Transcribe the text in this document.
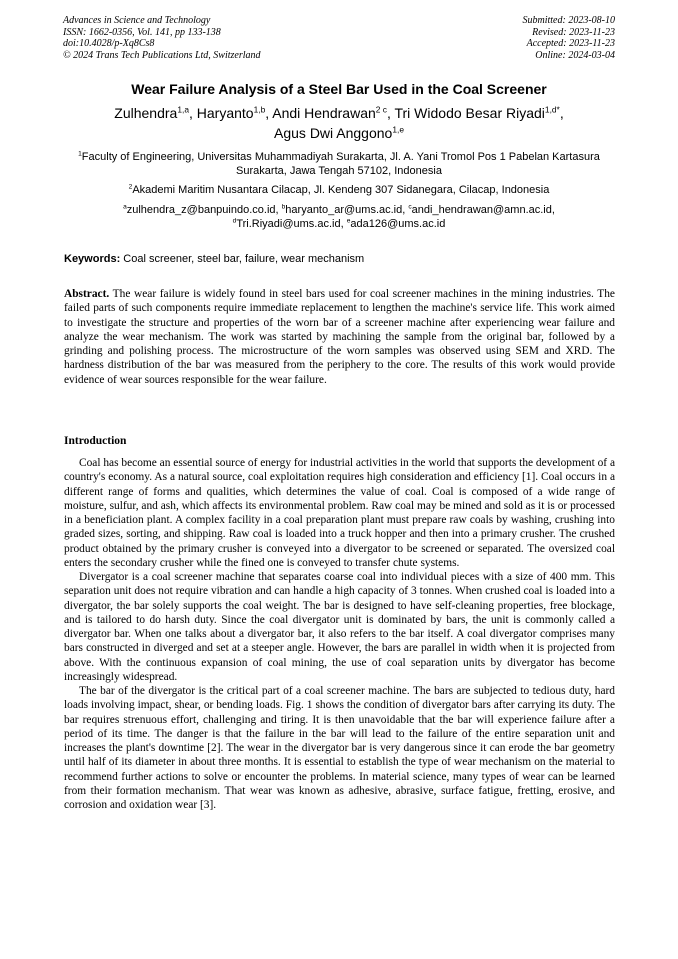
Advances in Science and Technology
ISSN: 1662-0356, Vol. 141, pp 133-138
doi:10.4028/p-Xq8Cs8
© 2024 Trans Tech Publications Ltd, Switzerland
Submitted: 2023-08-10
Revised: 2023-11-23
Accepted: 2023-11-23
Online: 2024-03-04
Wear Failure Analysis of a Steel Bar Used in the Coal Screener
Zulhendra$^{1,a}$, Haryanto$^{1,b}$, Andi Hendrawan$^{2 c}$, Tri Widodo Besar Riyadi$^{1,d*}$,
Agus Dwi Anggono$^{1,e}$
$^1$Faculty of Engineering, Universitas Muhammadiyah Surakarta, Jl. A. Yani Tromol Pos 1 Pabelan Kartasura Surakarta, Jawa Tengah 57102, Indonesia
$^2$Akademi Maritim Nusantara Cilacap, Jl. Kendeng 307 Sidanegara, Cilacap, Indonesia
$^a$zulhendra_z@banpuindo.co.id, $^b$haryanto_ar@ums.ac.id, $^c$andi_hendrawan@amn.ac.id,
$^d$Tri.Riyadi@ums.ac.id, $^e$ada126@ums.ac.id
Keywords: Coal screener, steel bar, failure, wear mechanism

Abstract. The wear failure is widely found in steel bars used for coal screener machines in the mining industries. The failed parts of such components require immediate replacement to lengthen the machine's service life. This work aimed to investigate the structure and properties of the worn bar of a screener machine after experiencing wear failure and analyze the wear mechanism. The work was started by machining the sample from the original bar, followed by a grinding and polishing process. The microstructure of the worn samples was observed using SEM and XRD. The hardness distribution of the bar was measured from the periphery to the core. The results of this work would provide evidence of wear sources responsible for the wear failure.

Introduction

Coal has become an essential source of energy for industrial activities in the world that supports the development of a country's economy. As a natural source, coal exploitation requires high consideration and efficiency [1]. Coal occurs in a different range of forms and qualities, which determines the value of coal. Coal is composed of a wide range of moisture, sulfur, and ash, which affects its environmental problem. Raw coal may be mined and sold as it is or processed in a beneficiation plant. A complex facility in a coal preparation plant must prepare raw coals by washing, crushing into graded sizes, sorting, and shipping. Raw coal is loaded into a truck hopper and then into a primary crusher. The crushed product obtained by the primary crusher is conveyed into a divergator to be screened or separated. The oversized coal enters the secondary crusher while the fined one is conveyed to transfer chute systems.

Divergator is a coal screener machine that separates coarse coal into individual pieces with a size of 400 mm. This separation unit does not require vibration and can handle a high capacity of 3 tonnes. When crushed coal is loaded into a divergator, the bar solely supports the coal weight. The bar is designed to have self-cleaning properties, free blockage, and is tailored to do harsh duty. Since the coal divergator unit is dominated by bars, the unit is commonly called a divergator bar. When one talks about a divergator bar, it also refers to the bar itself. A coal divergator comprises many bars constructed in diverged and set at a steeper angle. However, the bars are parallel in width when it is projected from above. With the continuous expansion of coal mining, the use of coal separation units by divergator has become increasingly widespread.

The bar of the divergator is the critical part of a coal screener machine. The bars are subjected to tedious duty, hard loads involving impact, shear, or bending loads. Fig. 1 shows the condition of divergator bars after carrying its duty. The bar requires strenuous effort, challenging and tiring. It is then unavoidable that the bar will experience failure after a period of its time. The danger is that the failure in the bar will lead to the failure of the entire separation unit and increases the plant's downtime [2]. The wear in the divergator bar is very dangerous since it can erode the bar geometry until half of its diameter in about three months. It is essential to establish the type of wear mechanism on the material to recommend further actions to solve or encounter the problems. In material science, many types of wear can be learned from their formation mechanism. That wear was known as adhesive, abrasive, surface fatigue, fretting, erosive, and corrosion and oxidation wear [3].
